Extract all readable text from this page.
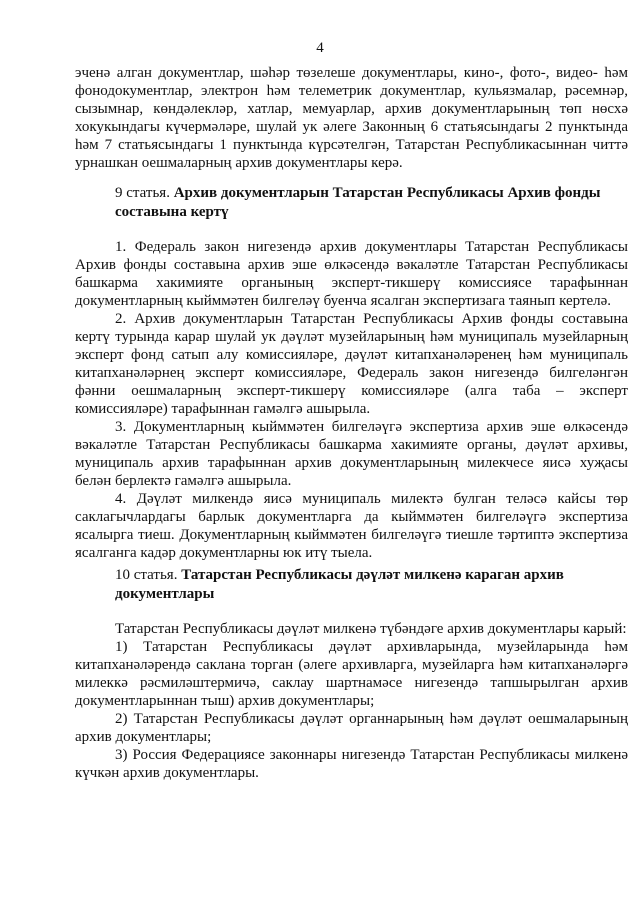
4

эченә алган документлар, шәһәр төзелеше документлары, кино-, фото-, видео- һәм фонодокументлар, электрон һәм телеметрик документлар, кульязмалар, рәсемнәр, сызымнар, көндәлекләр, хатлар, мемуарлар, архив документларының төп нөсхә хокукындагы күчермәләре, шулай ук әлеге Законның 6 статьясындагы 2 пунктында һәм 7 статьясындагы 1 пунктында күрсәтелгән, Татарстан Республикасыннан читтә урнашкан оешмаларның архив документлары керә.

9 статья. Архив документларын Татарстан Республикасы Архив фонды составына кертү

1. Федераль закон нигезендә архив документлары Татарстан Республикасы Архив фонды составына архив эше өлкәсендә вәкаләтле Татарстан Республикасы башкарма хакимияте органының эксперт-тикшерү комиссиясе тарафыннан документларның кыйммәтен билгеләү буенча ясалган экспертизага таянып кертелә.

2. Архив документларын Татарстан Республикасы Архив фонды составына кертү турында карар шулай ук дәүләт музейларының һәм муниципаль музейларның эксперт фонд сатып алу комиссияләре, дәүләт китапханәләренең һәм муниципаль китапханәләрнең эксперт комиссияләре, Федераль закон нигезендә билгеләнгән фәнни оешмаларның эксперт-тикшерү комиссияләре (алга таба – эксперт комиссияләре) тарафыннан гамәлгә ашырыла.

3. Документларның кыйммәтен билгеләүгә экспертиза архив эше өлкәсендә вәкаләтле Татарстан Республикасы башкарма хакимияте органы, дәүләт архивы, муниципаль архив тарафыннан архив документларының милекчесе яисә хуҗасы белән берлектә гамәлгә ашырыла.

4. Дәүләт милкендә яисә муниципаль милектә булган теләсә кайсы төр саклагычлардагы барлык документларга да кыйммәтен билгеләүгә экспертиза ясалырга тиеш. Документларның кыйммәтен билгеләүгә тиешле тәртиптә экспертиза ясалганга кадәр документларны юк итү тыела.

10 статья. Татарстан Республикасы дәүләт милкенә караган архив документлары

Татарстан Республикасы дәүләт милкенә түбәндәге архив документлары карый:

1) Татарстан Республикасы дәүләт архивларында, музейларында һәм китапханәләрендә саклана торган (әлеге архивларга, музейларга һәм китапханәләргә милеккә рәсмиләштермичә, саклау шартнамәсе нигезендә тапшырылган архив документларыннан тыш) архив документлары;

2) Татарстан Республикасы дәүләт органнарының һәм дәүләт оешмаларының архив документлары;

3) Россия Федерациясе законнары нигезендә Татарстан Республикасы милкенә күчкән архив документлары.
